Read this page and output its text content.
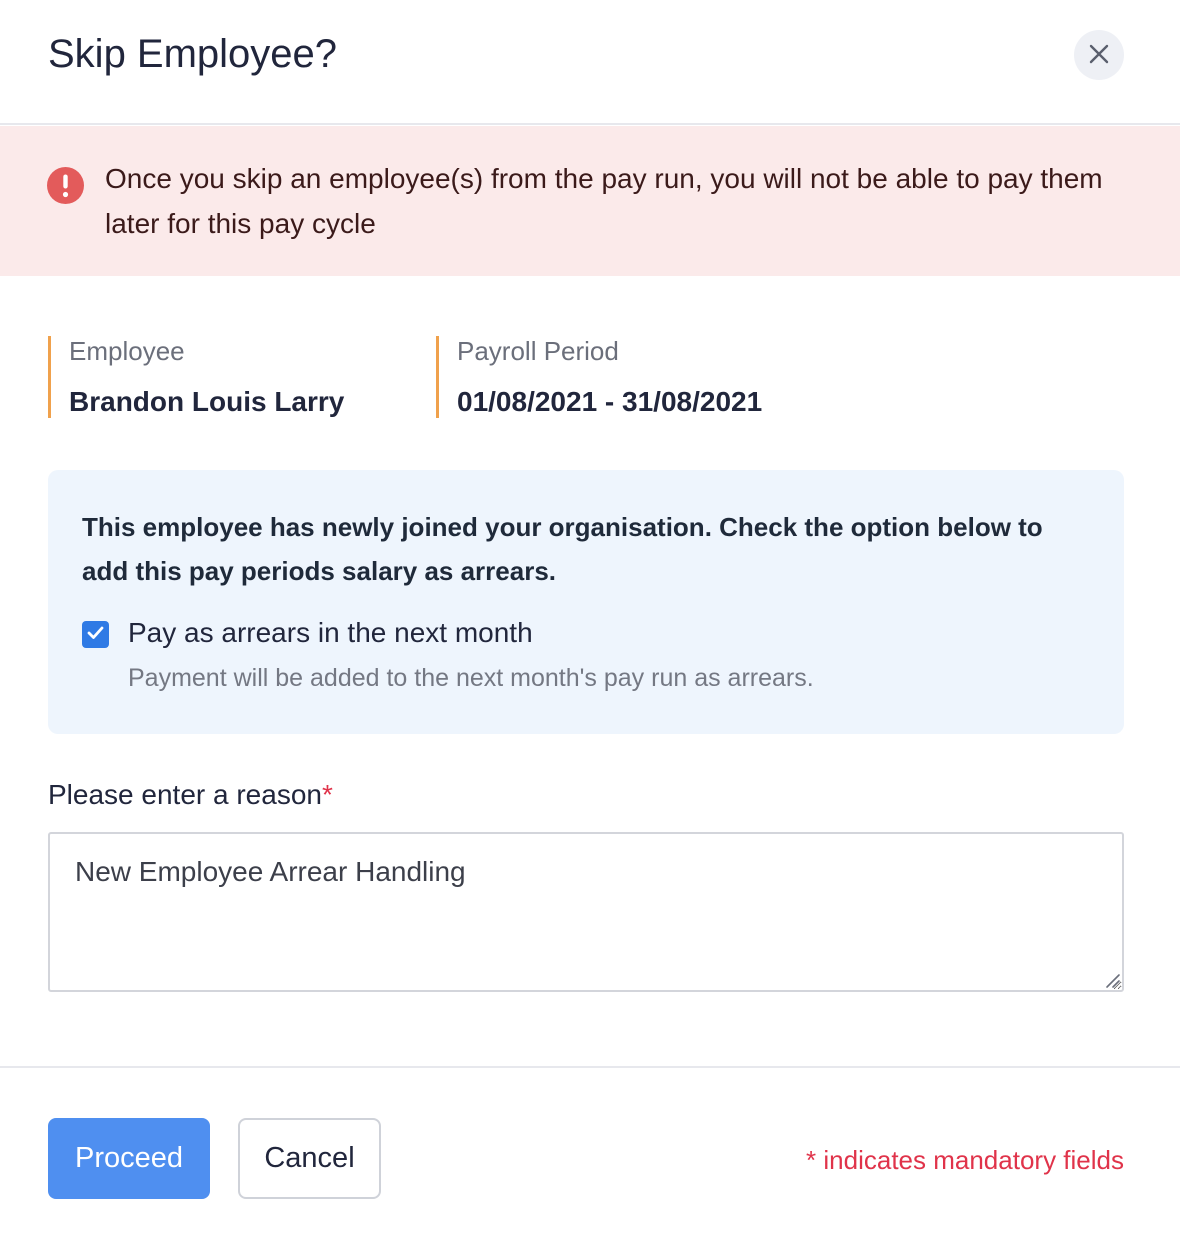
Skip Employee?

Once you skip an employee(s) from the pay run, you will not be able to pay them later for this pay cycle

Employee
Brandon Louis Larry
Payroll Period
01/08/2021 - 31/08/2021

This employee has newly joined your organisation. Check the option below to add this pay periods salary as arrears.

Pay as arrears in the next month
Payment will be added to the next month's pay run as arrears.
Please enter a reason*
New Employee Arrear Handling
Proceed	Cancel	* indicates mandatory fields
